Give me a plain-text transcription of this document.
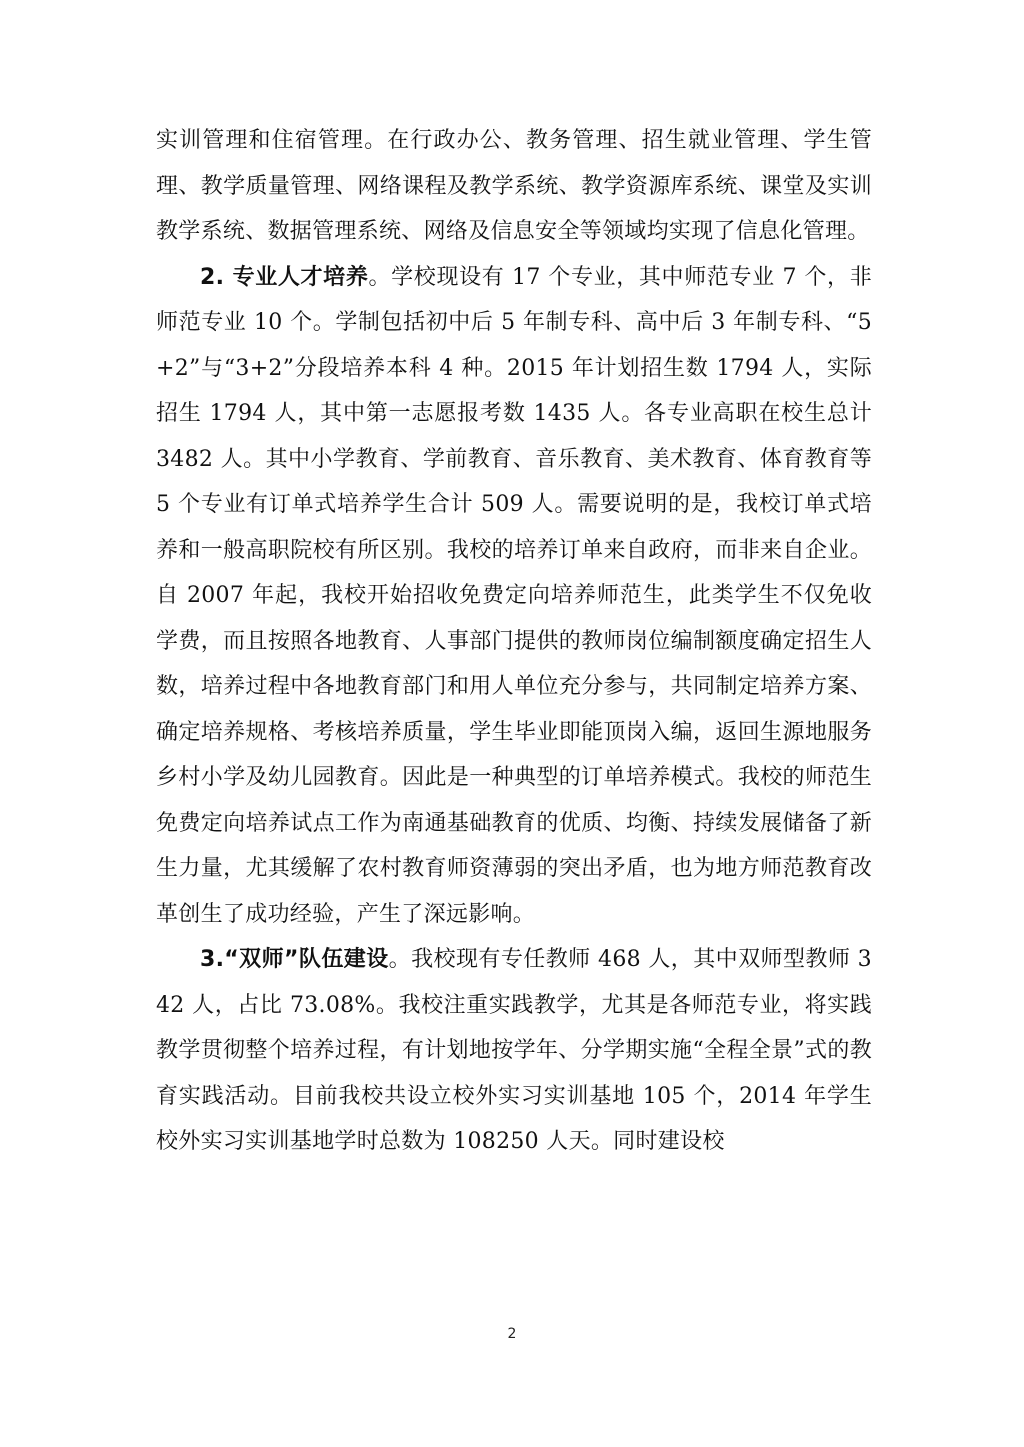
实训管理和住宿管理。在行政办公、教务管理、招生就业管理、学生管理、教学质量管理、网络课程及教学系统、教学资源库系统、课堂及实训教学系统、数据管理系统、网络及信息安全等领域均实现了信息化管理。

2. 专业人才培养。学校现设有 17 个专业，其中师范专业 7 个，非师范专业 10 个。学制包括初中后 5 年制专科、高中后 3 年制专科、“5+2”与“3+2”分段培养本科 4 种。2015 年计划招生数 1794 人，实际招生 1794 人，其中第一志愿报考数 1435 人。各专业高职在校生总计 3482 人。其中小学教育、学前教育、音乐教育、美术教育、体育教育等 5 个专业有订单式培养学生合计 509 人。需要说明的是，我校订单式培养和一般高职院校有所区别。我校的培养订单来自政府，而非来自企业。自 2007 年起，我校开始招收免费定向培养师范生，此类学生不仅免收学费，而且按照各地教育、人事部门提供的教师岗位编制额度确定招生人数，培养过程中各地教育部门和用人单位充分参与，共同制定培养方案、确定培养规格、考核培养质量，学生毕业即能顶岗入编，返回生源地服务乡村小学及幼儿园教育。因此是一种典型的订单培养模式。我校的师范生免费定向培养试点工作为南通基础教育的优质、均衡、持续发展储备了新生力量，尤其缓解了农村教育师资薄弱的突出矛盾，也为地方师范教育改革创生了成功经验，产生了深远影响。

3.“双师”队伍建设。我校现有专任教师 468 人，其中双师型教师 342 人，占比 73.08%。我校注重实践教学，尤其是各师范专业，将实践教学贯彻整个培养过程，有计划地按学年、分学期实施“全程全景”式的教育实践活动。目前我校共设立校外实习实训基地 105 个，2014 年学生校外实习实训基地学时总数为 108250 人天。同时建设校

2
